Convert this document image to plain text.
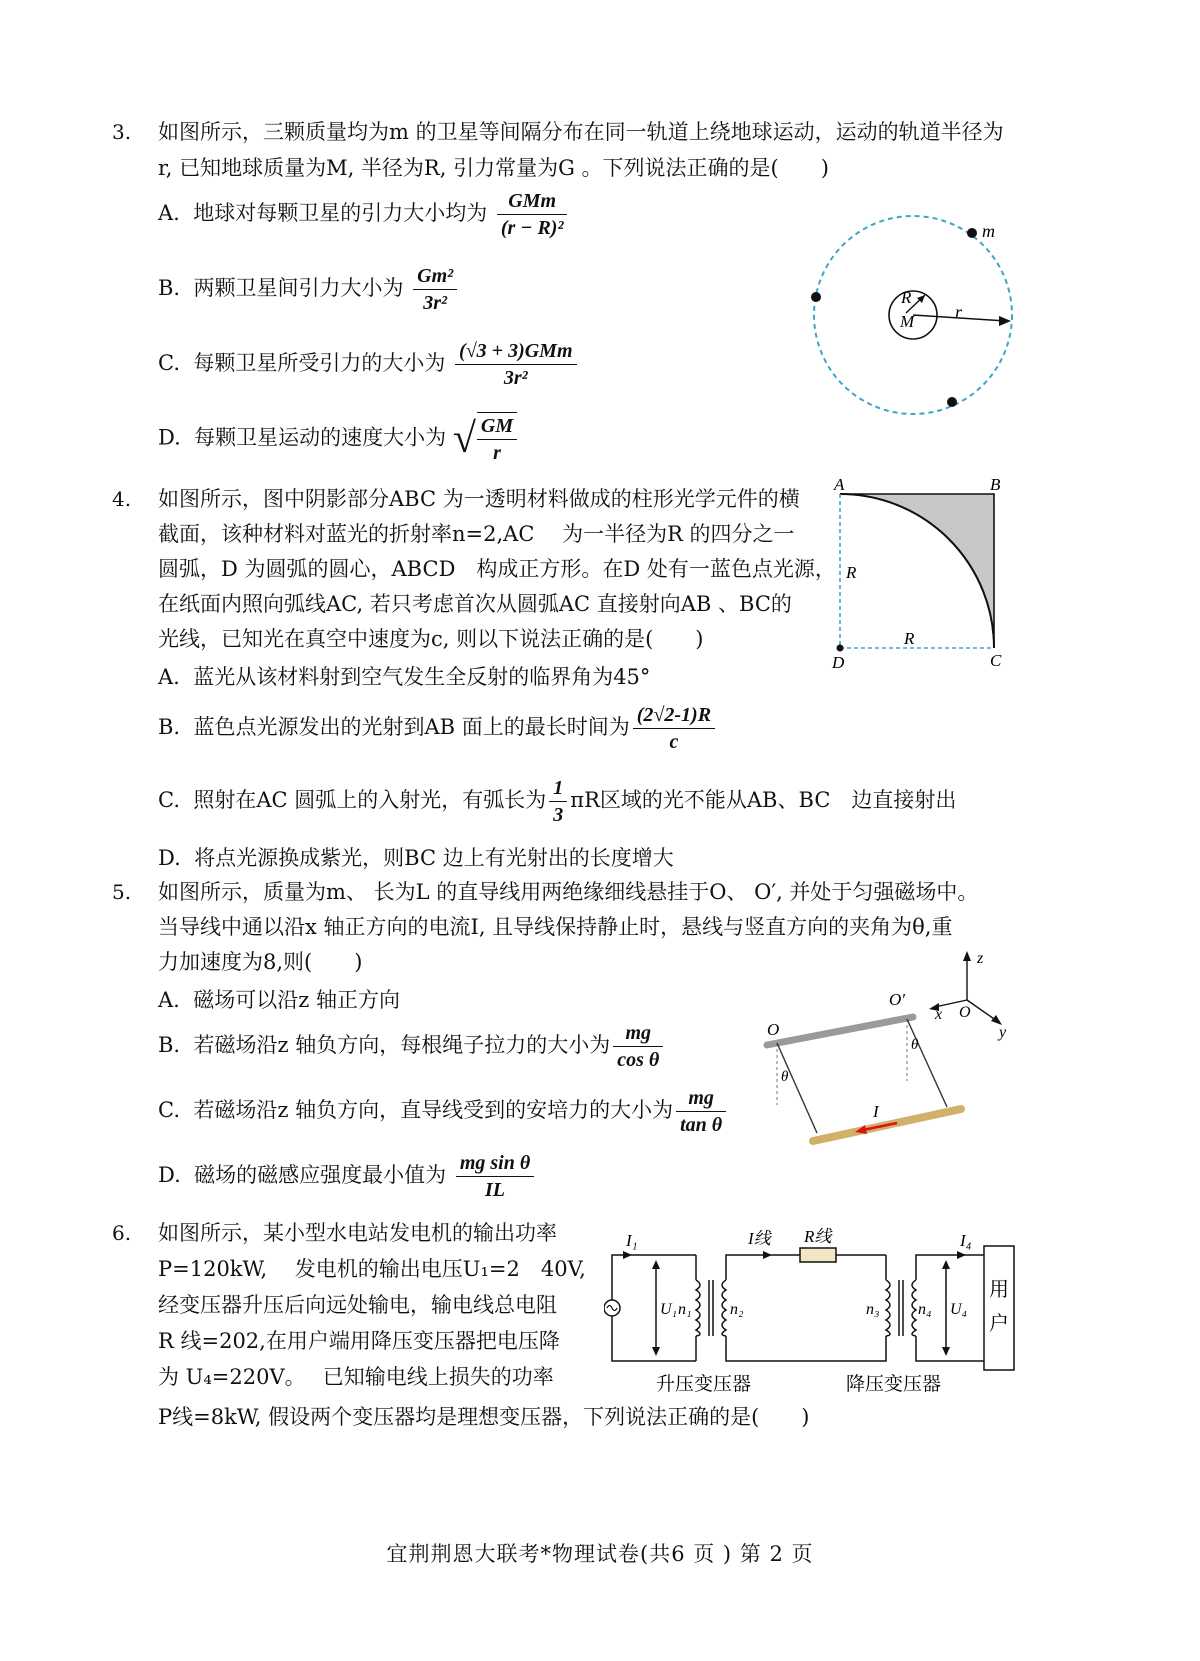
3. 如图所示，三颗质量均为m 的卫星等间隔分布在同一轨道上绕地球运动，运动的轨道半径为
r, 已知地球质量为M, 半径为R, 引力常量为G 。下列说法正确的是(　　)
A. 地球对每颗卫星的引力大小均为 $\frac{\text{GMm}}{\text{(r − R)²}}$
B. 两颗卫星间引力大小为 $\frac{\text{Gm²}}{\text{3r²}}$
C. 每颗卫星所受引力的大小为 $\frac{\text{(√3 + 3)GMm}}{\text{3r²}}$
D. 每颗卫星运动的速度大小为 √ $\frac{GM}{r}$
m
R
M r
4. 如图所示，图中阴影部分ABC 为一透明材料做成的柱形光学元件的横
截面，该种材料对蓝光的折射率n=2,AC　 为一半径为R 的四分之一
圆弧，D 为圆弧的圆心，ABCD　构成正方形。在D 处有一蓝色点光源，
在纸面内照向弧线AC, 若只考虑首次从圆弧AC 直接射向AB 、BC的
光线，已知光在真空中速度为c, 则以下说法正确的是(　　)
A. 蓝光从该材料射到空气发生全反射的临界角为45°
B. 蓝色点光源发出的光射到AB 面上的最长时间为 $\frac{(2√2-1)R}{c}$
C. 照射在AC 圆弧上的入射光，有弧长为 $\frac{1}{3}$ πR区域的光不能从AB、BC　边直接射出
D. 将点光源换成紫光，则BC 边上有光射出的长度增大
A	B
C
D
R
R
5. 如图所示，质量为m、 长为L 的直导线用两绝缘细线悬挂于O、 O′, 并处于匀强磁场中。
当导线中通以沿x 轴正方向的电流I, 且导线保持静止时，悬线与竖直方向的夹角为θ,重
力加速度为8,则(　　)
A. 磁场可以沿z 轴正方向
B. 若磁场沿z 轴负方向，每根绳子拉力的大小为 $\frac{mg}{\text{cos θ}}$
C. 若磁场沿z 轴负方向，直导线受到的安培力的大小为 $\frac{mg}{\text{tan θ}}$
D. 磁场的磁感应强度最小值为 $\frac{\text{mg sin θ}}{IL}$
z
x O
y
O
O′
θ
θ
I
6. 如图所示，某小型水电站发电机的输出功率
P=120kW, 　发电机的输出电压U₁=2　40V,
经变压器升压后向远处输电，输电线总电阻
R 线=202,在用户端用降压变压器把电压降
为 U₄=220V。　 已知输电线上损失的功率
P线=8kW, 假设两个变压器均是理想变压器，下列说法正确的是(　　)
I₁	I线 R线	I₄
U₁ n₁ n₂	n₃ n₄ U₄
用
户
升压变压器	降压变压器
宜荆荆恩大联考*物理试卷(共6 页 ) 第 2 页
